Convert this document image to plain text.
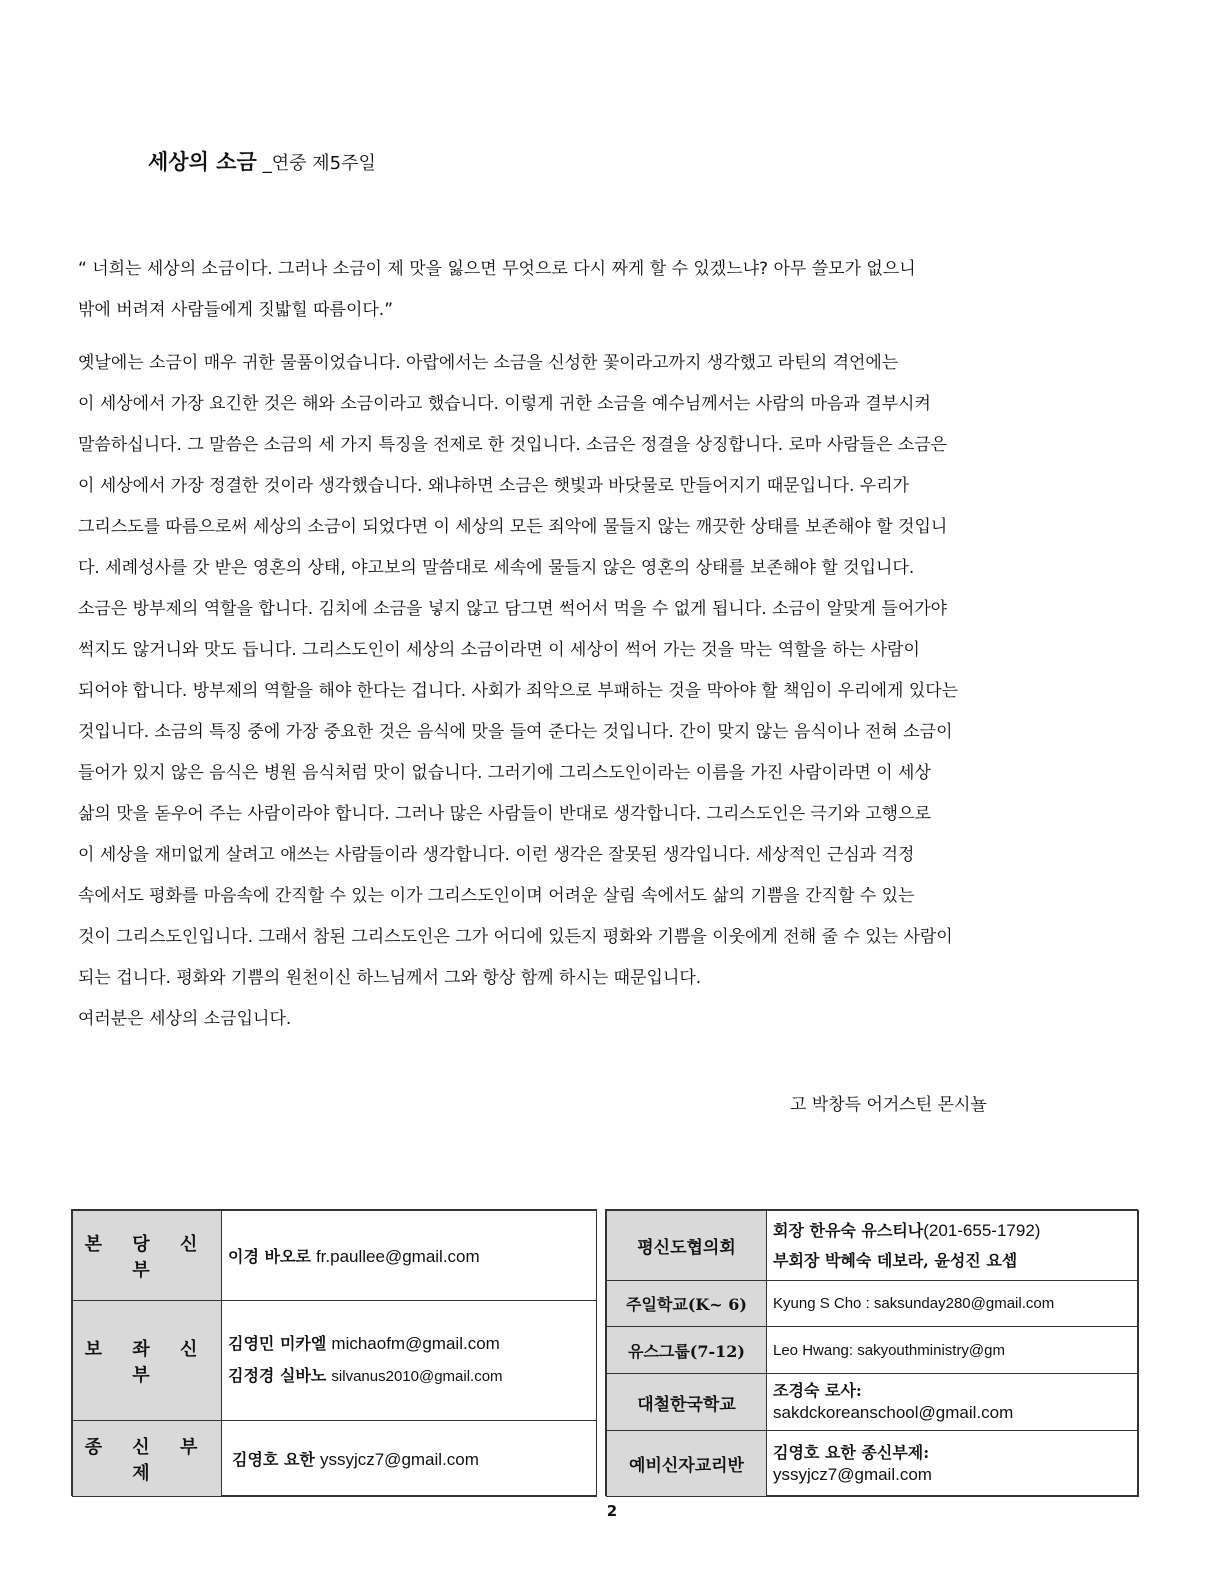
세상의 소금 _연중 제5주일
“ 너희는 세상의 소금이다. 그러나 소금이 제 맛을 잃으면 무엇으로 다시 짜게 할 수 있겠느냐? 아무 쓸모가 없으니
밖에 버려져 사람들에게 짓밟힐 따름이다.”
옛날에는 소금이 매우 귀한 물품이었습니다. 아랍에서는 소금을 신성한 꽃이라고까지 생각했고 라틴의 격언에는
이 세상에서 가장 요긴한 것은 해와 소금이라고 했습니다. 이렇게 귀한 소금을 예수님께서는 사람의 마음과 결부시켜
말씀하십니다. 그 말씀은 소금의 세 가지 특징을 전제로 한 것입니다. 소금은 정결을 상징합니다. 로마 사람들은 소금은
이 세상에서 가장 정결한 것이라 생각했습니다. 왜냐하면 소금은 햇빛과 바닷물로 만들어지기 때문입니다. 우리가
그리스도를 따름으로써 세상의 소금이 되었다면 이 세상의 모든 죄악에 물들지 않는 깨끗한 상태를 보존해야 할 것입니
다. 세례성사를 갓 받은 영혼의 상태, 야고보의 말씀대로 세속에 물들지 않은 영혼의 상태를 보존해야 할 것입니다.
소금은 방부제의 역할을 합니다. 김치에 소금을 넣지 않고 담그면 썩어서 먹을 수 없게 됩니다. 소금이 알맞게 들어가야
썩지도 않거니와 맛도 듭니다. 그리스도인이 세상의 소금이라면 이 세상이 썩어 가는 것을 막는 역할을 하는 사람이
되어야 합니다. 방부제의 역할을 해야 한다는 겁니다. 사회가 죄악으로 부패하는 것을 막아야 할 책임이 우리에게 있다는
것입니다. 소금의 특징 중에 가장 중요한 것은 음식에 맛을 들여 준다는 것입니다. 간이 맞지 않는 음식이나 전혀 소금이
들어가 있지 않은 음식은 병원 음식처럼 맛이 없습니다. 그러기에 그리스도인이라는 이름을 가진 사람이라면 이 세상
삶의 맛을 돋우어 주는 사람이라야 합니다. 그러나 많은 사람들이 반대로 생각합니다. 그리스도인은 극기와 고행으로
이 세상을 재미없게 살려고 애쓰는 사람들이라 생각합니다. 이런 생각은 잘못된 생각입니다. 세상적인 근심과 걱정
속에서도 평화를 마음속에 간직할 수 있는 이가 그리스도인이며 어려운 살림 속에서도 삶의 기쁨을 간직할 수 있는
것이 그리스도인입니다. 그래서 참된 그리스도인은 그가 어디에 있든지 평화와 기쁨을 이웃에게 전해 줄 수 있는 사람이
되는 겁니다. 평화와 기쁨의 원천이신 하느님께서 그와 항상 함께 하시는 때문입니다.
여러분은 세상의 소금입니다.
고 박창득 어거스틴 몬시뇰
본 당 신 부
이경 바오로 fr.paullee@gmail.com
보 좌 신 부
김영민 미카엘 michaofm@gmail.com
김정경 실바노 silvanus2010@gmail.com
종 신 부 제
김영호 요한 yssyjcz7@gmail.com
평신도협의회
회장 한유숙 유스티나(201-655-1792)
부회장 박혜숙 데보라, 윤성진 요셉
주일학교(K~ 6) Kyung S Cho : saksunday280@gmail.com
유스그룹(7-12) Leo Hwang: sakyouthministry@gm
대철한국학교
조경숙 로사:
sakdckoreanschool@gmail.com
예비신자교리반
김영호 요한 종신부제:
yssyjcz7@gmail.com
2
